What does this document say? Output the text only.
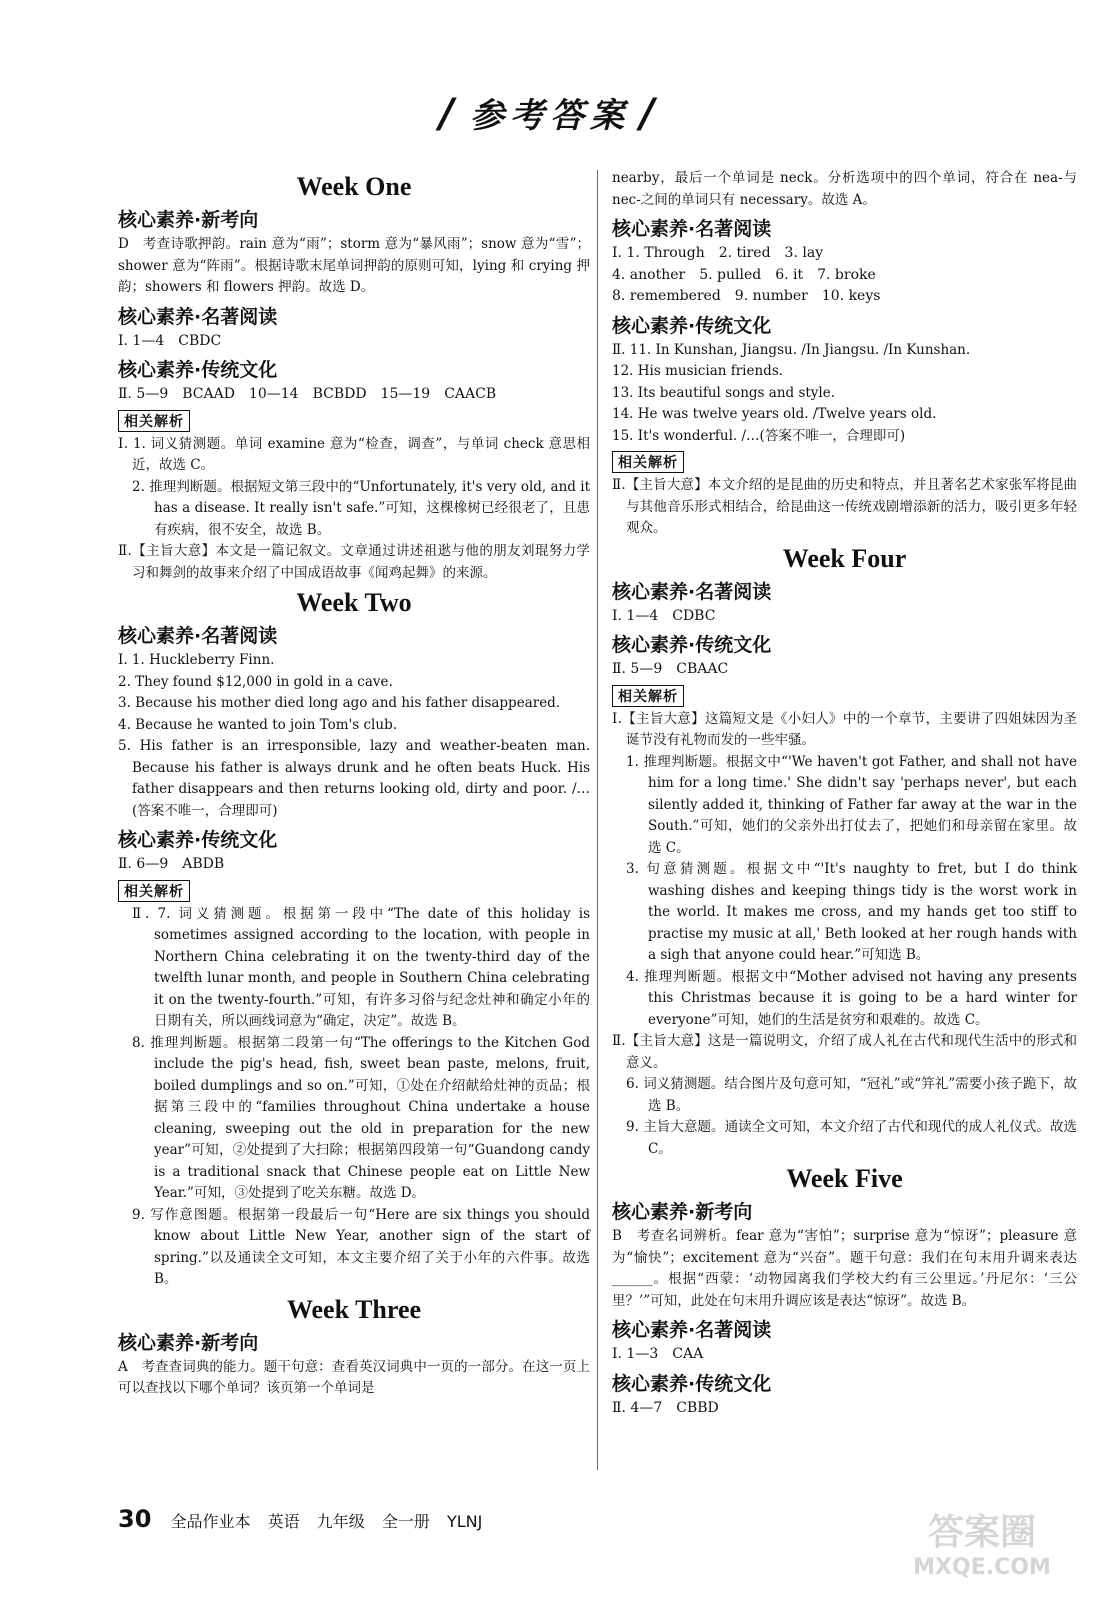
/ 参考答案 /
Week One
核心素养·新考向

D　考查诗歌押韵。rain 意为“雨”；storm 意为“暴风雨”；snow 意为“雪”；shower 意为“阵雨”。根据诗歌末尾单词押韵的原则可知，lying 和 crying 押韵；showers 和 flowers 押韵。故选 D。

核心素养·名著阅读

Ⅰ. 1—4　CBDC

核心素养·传统文化

Ⅱ. 5—9　BCAAD　10—14　BCBDD　15—19　CAACB

相关解析

Ⅰ. 1. 词义猜测题。单词 examine 意为“检查，调查”，与单词 check 意思相近，故选 C。

2. 推理判断题。根据短文第三段中的“Unfortunately, it's very old, and it has a disease. It really isn't safe.”可知，这棵橡树已经很老了，且患有疾病，很不安全，故选 B。

Ⅱ.【主旨大意】本文是一篇记叙文。文章通过讲述祖逖与他的朋友刘琨努力学习和舞剑的故事来介绍了中国成语故事《闻鸡起舞》的来源。

Week Two
核心素养·名著阅读

Ⅰ. 1. Huckleberry Finn.

2. They found $12,000 in gold in a cave.

3. Because his mother died long ago and his father disappeared.

4. Because he wanted to join Tom's club.

5. His father is an irresponsible, lazy and weather-beaten man. Because his father is always drunk and he often beats Huck. His father disappears and then returns looking old, dirty and poor. /…(答案不唯一，合理即可)

核心素养·传统文化

Ⅱ. 6—9　ABDB

相关解析

Ⅱ. 7. 词义猜测题。根据第一段中“The date of this holiday is sometimes assigned according to the location, with people in Northern China celebrating it on the twenty-third day of the twelfth lunar month, and people in Southern China celebrating it on the twenty-fourth.”可知，有许多习俗与纪念灶神和确定小年的日期有关，所以画线词意为“确定，决定”。故选 B。

8. 推理判断题。根据第二段第一句“The offerings to the Kitchen God include the pig's head, fish, sweet bean paste, melons, fruit, boiled dumplings and so on.”可知，①处在介绍献给灶神的贡品；根据第三段中的“families throughout China undertake a house cleaning, sweeping out the old in preparation for the new year”可知，②处提到了大扫除；根据第四段第一句“Guandong candy is a traditional snack that Chinese people eat on Little New Year.”可知，③处提到了吃关东糖。故选 D。

9. 写作意图题。根据第一段最后一句“Here are six things you should know about Little New Year, another sign of the start of spring.”以及通读全文可知，本文主要介绍了关于小年的六件事。故选 B。

Week Three
核心素养·新考向

A　考查查词典的能力。题干句意：查看英汉词典中一页的一部分。在这一页上可以查找以下哪个单词？该页第一个单词是

nearby，最后一个单词是 neck。分析选项中的四个单词，符合在 nea-与 nec-之间的单词只有 necessary。故选 A。

核心素养·名著阅读

Ⅰ. 1. Through　2. tired　3. lay

4. another　5. pulled　6. it　7. broke

8. remembered　9. number　10. keys

核心素养·传统文化

Ⅱ. 11. In Kunshan, Jiangsu. /In Jiangsu. /In Kunshan.

12. His musician friends.

13. Its beautiful songs and style.

14. He was twelve years old. /Twelve years old.

15. It's wonderful. /…(答案不唯一，合理即可)

相关解析

Ⅱ.【主旨大意】本文介绍的是昆曲的历史和特点，并且著名艺术家张军将昆曲与其他音乐形式相结合，给昆曲这一传统戏剧增添新的活力，吸引更多年轻观众。

Week Four
核心素养·名著阅读

Ⅰ. 1—4　CDBC

核心素养·传统文化

Ⅱ. 5—9　CBAAC

相关解析

Ⅰ.【主旨大意】这篇短文是《小妇人》中的一个章节，主要讲了四姐妹因为圣诞节没有礼物而发的一些牢骚。

1. 推理判断题。根据文中“'We haven't got Father, and shall not have him for a long time.' She didn't say 'perhaps never', but each silently added it, thinking of Father far away at the war in the South.”可知，她们的父亲外出打仗去了，把她们和母亲留在家里。故选 C。

3. 句意猜测题。根据文中“'It's naughty to fret, but I do think washing dishes and keeping things tidy is the worst work in the world. It makes me cross, and my hands get too stiff to practise my music at all,' Beth looked at her rough hands with a sigh that anyone could hear.”可知选 B。

4. 推理判断题。根据文中“Mother advised not having any presents this Christmas because it is going to be a hard winter for everyone”可知，她们的生活是贫穷和艰难的。故选 C。

Ⅱ.【主旨大意】这是一篇说明文，介绍了成人礼在古代和现代生活中的形式和意义。

6. 词义猜测题。结合图片及句意可知，“冠礼”或“笄礼”需要小孩子跪下，故选 B。

9. 主旨大意题。通读全文可知，本文介绍了古代和现代的成人礼仪式。故选 C。

Week Five
核心素养·新考向

B　考查名词辨析。fear 意为“害怕”；surprise 意为“惊讶”；pleasure 意为“愉快”；excitement 意为“兴奋”。题干句意：我们在句末用升调来表达______。根据“西蒙：‘动物园离我们学校大约有三公里远。’丹尼尔：‘三公里？’”可知，此处在句末用升调应该是表达“惊讶”。故选 B。

核心素养·名著阅读

Ⅰ. 1—3　CAA

核心素养·传统文化

Ⅱ. 4—7　CBBD

30 全品作业本 英语 九年级 全一册 YLNJ	答案圈
MXQE.COM
